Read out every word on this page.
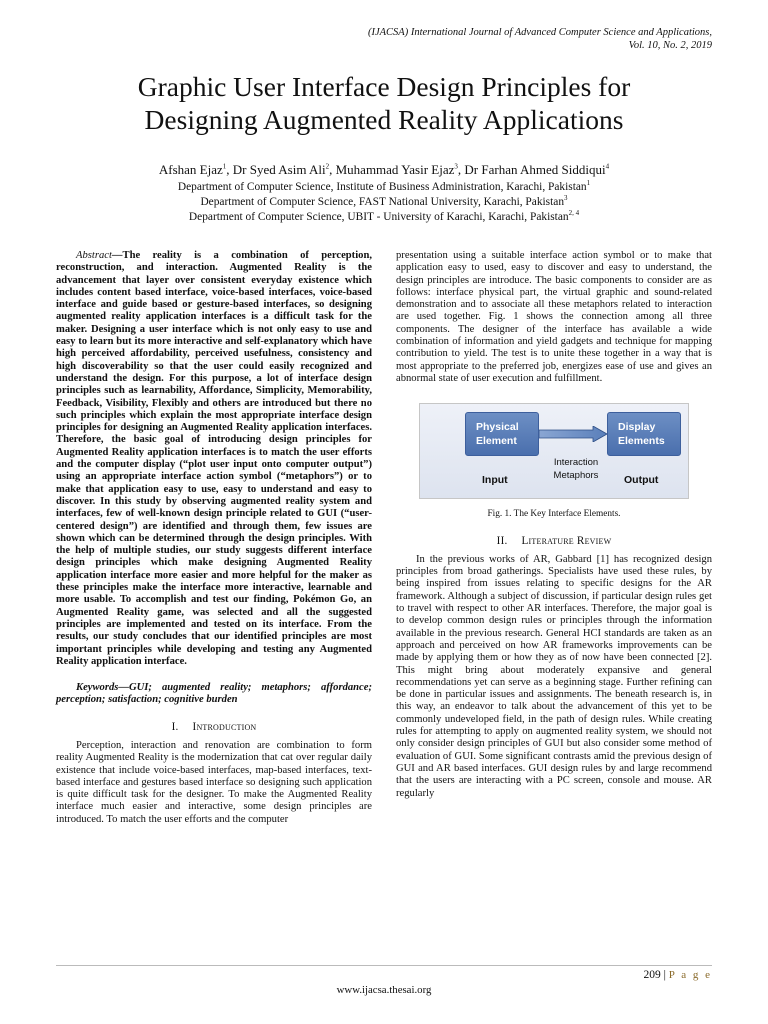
(IJACSA) International Journal of Advanced Computer Science and Applications,
Vol. 10, No. 2, 2019
Graphic User Interface Design Principles for
Designing Augmented Reality Applications
Afshan Ejaz$^1$, Dr Syed Asim Ali$^2$, Muhammad Yasir Ejaz$^3$, Dr Farhan Ahmed Siddiqui$^4$
Department of Computer Science, Institute of Business Administration, Karachi, Pakistan$^1$
Department of Computer Science, FAST National University, Karachi, Pakistan$^3$
Department of Computer Science, UBIT - University of Karachi, Karachi, Pakistan$^{2, 4}$

Abstract—The reality is a combination of perception, reconstruction, and interaction. Augmented Reality is the advancement that layer over consistent everyday existence which includes content based interface, voice-based interfaces, voice-based interface and guide based or gesture-based interfaces, so designing augmented reality application interfaces is a difficult task for the maker. Designing a user interface which is not only easy to use and easy to learn but its more interactive and self-explanatory which have high perceived affordability, perceived usefulness, consistency and high discoverability so that the user could easily recognized and understand the design. For this purpose, a lot of interface design principles such as learnability, Affordance, Simplicity, Memorability, Feedback, Visibility, Flexibly and others are introduced but there no such principles which explain the most appropriate interface design principles for designing an Augmented Reality application interfaces. Therefore, the basic goal of introducing design principles for Augmented Reality application interfaces is to match the user efforts and the computer display (“plot user input onto computer output”) using an appropriate interface action symbol (“metaphors”) or to make that application easy to use, easy to understand and easy to discover. In this study by observing augmented reality system and interfaces, few of well-known design principle related to GUI (“user-centered design”) are identified and through them, few issues are shown which can be determined through the design principles. With the help of multiple studies, our study suggests different interface design principles which make designing Augmented Reality application interface more easier and more helpful for the maker as these principles make the interface more interactive, learnable and more usable. To accomplish and test our finding, Pokémon Go, an Augmented Reality game, was selected and all the suggested principles are implemented and tested on its interface. From the results, our study concludes that our identified principles are most important principles while developing and testing any Augmented Reality application interface.

Keywords—GUI; augmented reality; metaphors; affordance; perception; satisfaction; cognitive burden

I. Introduction

Perception, interaction and renovation are combination to form reality Augmented Reality is the modernization that cat over regular daily existence that include voice-based interfaces, map-based interfaces, text-based interface and gestures based interface so designing such application is quite difficult task for the designer. To make the Augmented Reality interface much easier and interactive, some design principles are introduced. To match the user efforts and the computer

presentation using a suitable interface action symbol or to make that application easy to used, easy to discover and easy to understand, the design principles are introduce. The basic components to consider are as follows: interface physical part, the virtual graphic and sound-related demonstration and to associate all these metaphors related to interaction are used together. Fig. 1 shows the connection among all three components. The designer of the interface has available a wide combination of information and yield gadgets and technique for mapping contribution to yield. The test is to unite these together in a way that is most appropriate to the preferred job, energizes ease of use and gives an abnormal state of user execution and fulfillment.

Physical
Element
Display
Elements
Interaction
Metaphors
Input	Output
Fig. 1. The Key Interface Elements.
II. Literature Review

In the previous works of AR, Gabbard [1] has recognized design principles from broad gatherings. Specialists have used these rules, by being inspired from issues relating to specific designs for the AR framework. Although a subject of discussion, if particular design rules get to travel with respect to other AR interfaces. Therefore, the major goal is to develop common design rules or principles through the information available in the previous research. General HCI standards are taken as an approach and perceived on how AR frameworks improvements can be made by applying them or how they as of now have been connected [2]. This might bring about moderately expansive and general recommendations yet can serve as a beginning stage. Further refining can be done in particular issues and assignments. The beneath research is, in this way, an endeavor to talk about the advancement of this yet to be commonly undeveloped field, in the path of design rules. While creating rules for attempting to apply on augmented reality system, we should not only consider design principles of GUI but also consider some method of evaluation of GUI. Some significant contrasts amid the previous design of GUI and AR based interfaces. GUI design rules by and large recommend that the users are interacting with a PC screen, console and mouse. AR regularly

209 | P a g e
www.ijacsa.thesai.org
